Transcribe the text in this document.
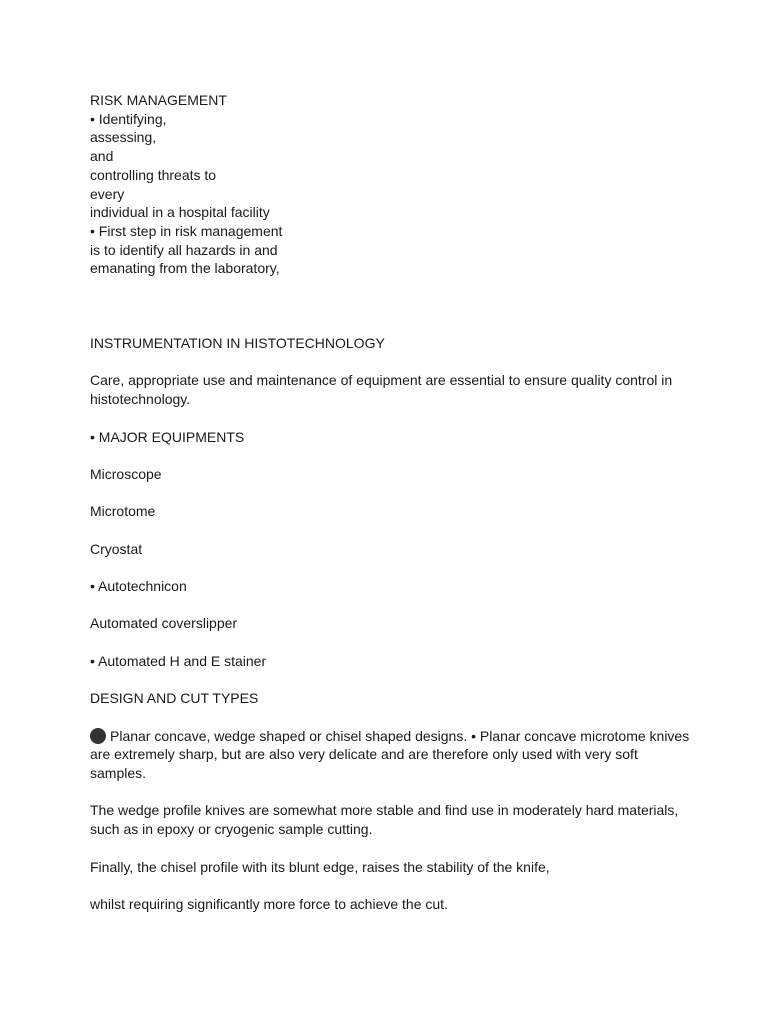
RISK MANAGEMENT
• Identifying,
assessing,
and
controlling threats to
every
individual in a hospital facility
• First step in risk management
is to identify all hazards in and
emanating from the laboratory,
INSTRUMENTATION IN HISTOTECHNOLOGY
Care, appropriate use and maintenance of equipment are essential to ensure quality control in histotechnology.
• MAJOR EQUIPMENTS
Microscope
Microtome
Cryostat
• Autotechnicon
Automated coverslipper
• Automated H and E stainer
DESIGN AND CUT TYPES
Planar concave, wedge shaped or chisel shaped designs. • Planar concave microtome knives are extremely sharp, but are also very delicate and are therefore only used with very soft samples.
The wedge profile knives are somewhat more stable and find use in moderately hard materials, such as in epoxy or cryogenic sample cutting.
Finally, the chisel profile with its blunt edge, raises the stability of the knife,
whilst requiring significantly more force to achieve the cut.
